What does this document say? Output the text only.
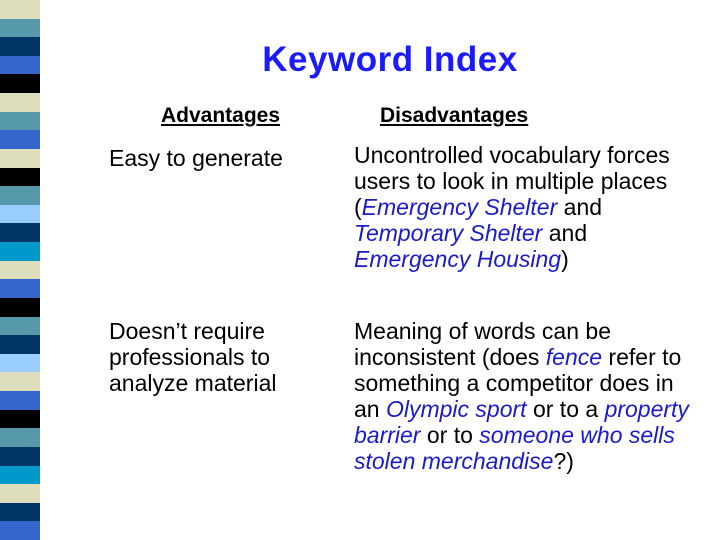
Keyword Index
Advantages	Disadvantages

Easy to generate

Doesn’t require professionals to analyze material

Uncontrolled vocabulary forces users to look in multiple places (Emergency Shelter and Temporary Shelter and Emergency Housing)

Meaning of words can be inconsistent (does fence refer to something a competitor does in an Olympic sport or to a property barrier or to someone who sells stolen merchandise?)
